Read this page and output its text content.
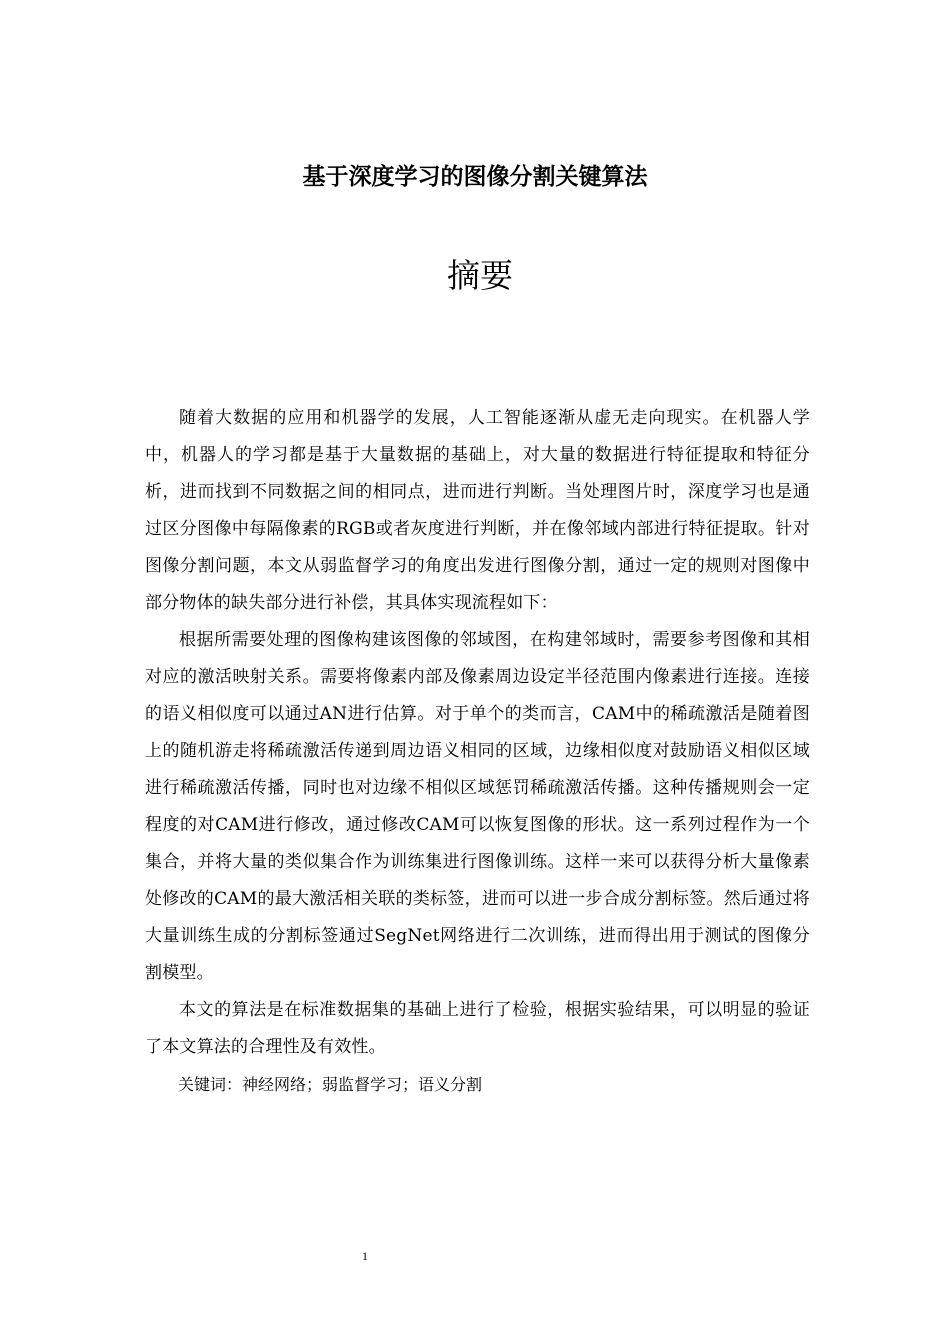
基于深度学习的图像分割关键算法
摘要

随着大数据的应用和机器学的发展，人工智能逐渐从虚无走向现实。在机器人学中，机器人的学习都是基于大量数据的基础上，对大量的数据进行特征提取和特征分析，进而找到不同数据之间的相同点，进而进行判断。当处理图片时，深度学习也是通过区分图像中每隔像素的RGB或者灰度进行判断，并在像邻域内部进行特征提取。针对图像分割问题，本文从弱监督学习的角度出发进行图像分割，通过一定的规则对图像中部分物体的缺失部分进行补偿，其具体实现流程如下：

根据所需要处理的图像构建该图像的邻域图，在构建邻域时，需要参考图像和其相对应的激活映射关系。需要将像素内部及像素周边设定半径范围内像素进行连接。连接的语义相似度可以通过AN进行估算。对于单个的类而言，CAM中的稀疏激活是随着图上的随机游走将稀疏激活传递到周边语义相同的区域，边缘相似度对鼓励语义相似区域进行稀疏激活传播，同时也对边缘不相似区域惩罚稀疏激活传播。这种传播规则会一定程度的对CAM进行修改，通过修改CAM可以恢复图像的形状。这一系列过程作为一个集合，并将大量的类似集合作为训练集进行图像训练。这样一来可以获得分析大量像素处修改的CAM的最大激活相关联的类标签，进而可以进一步合成分割标签。然后通过将大量训练生成的分割标签通过SegNet网络进行二次训练，进而得出用于测试的图像分割模型。

本文的算法是在标准数据集的基础上进行了检验，根据实验结果，可以明显的验证了本文算法的合理性及有效性。

关键词：神经网络；弱监督学习；语义分割

1
